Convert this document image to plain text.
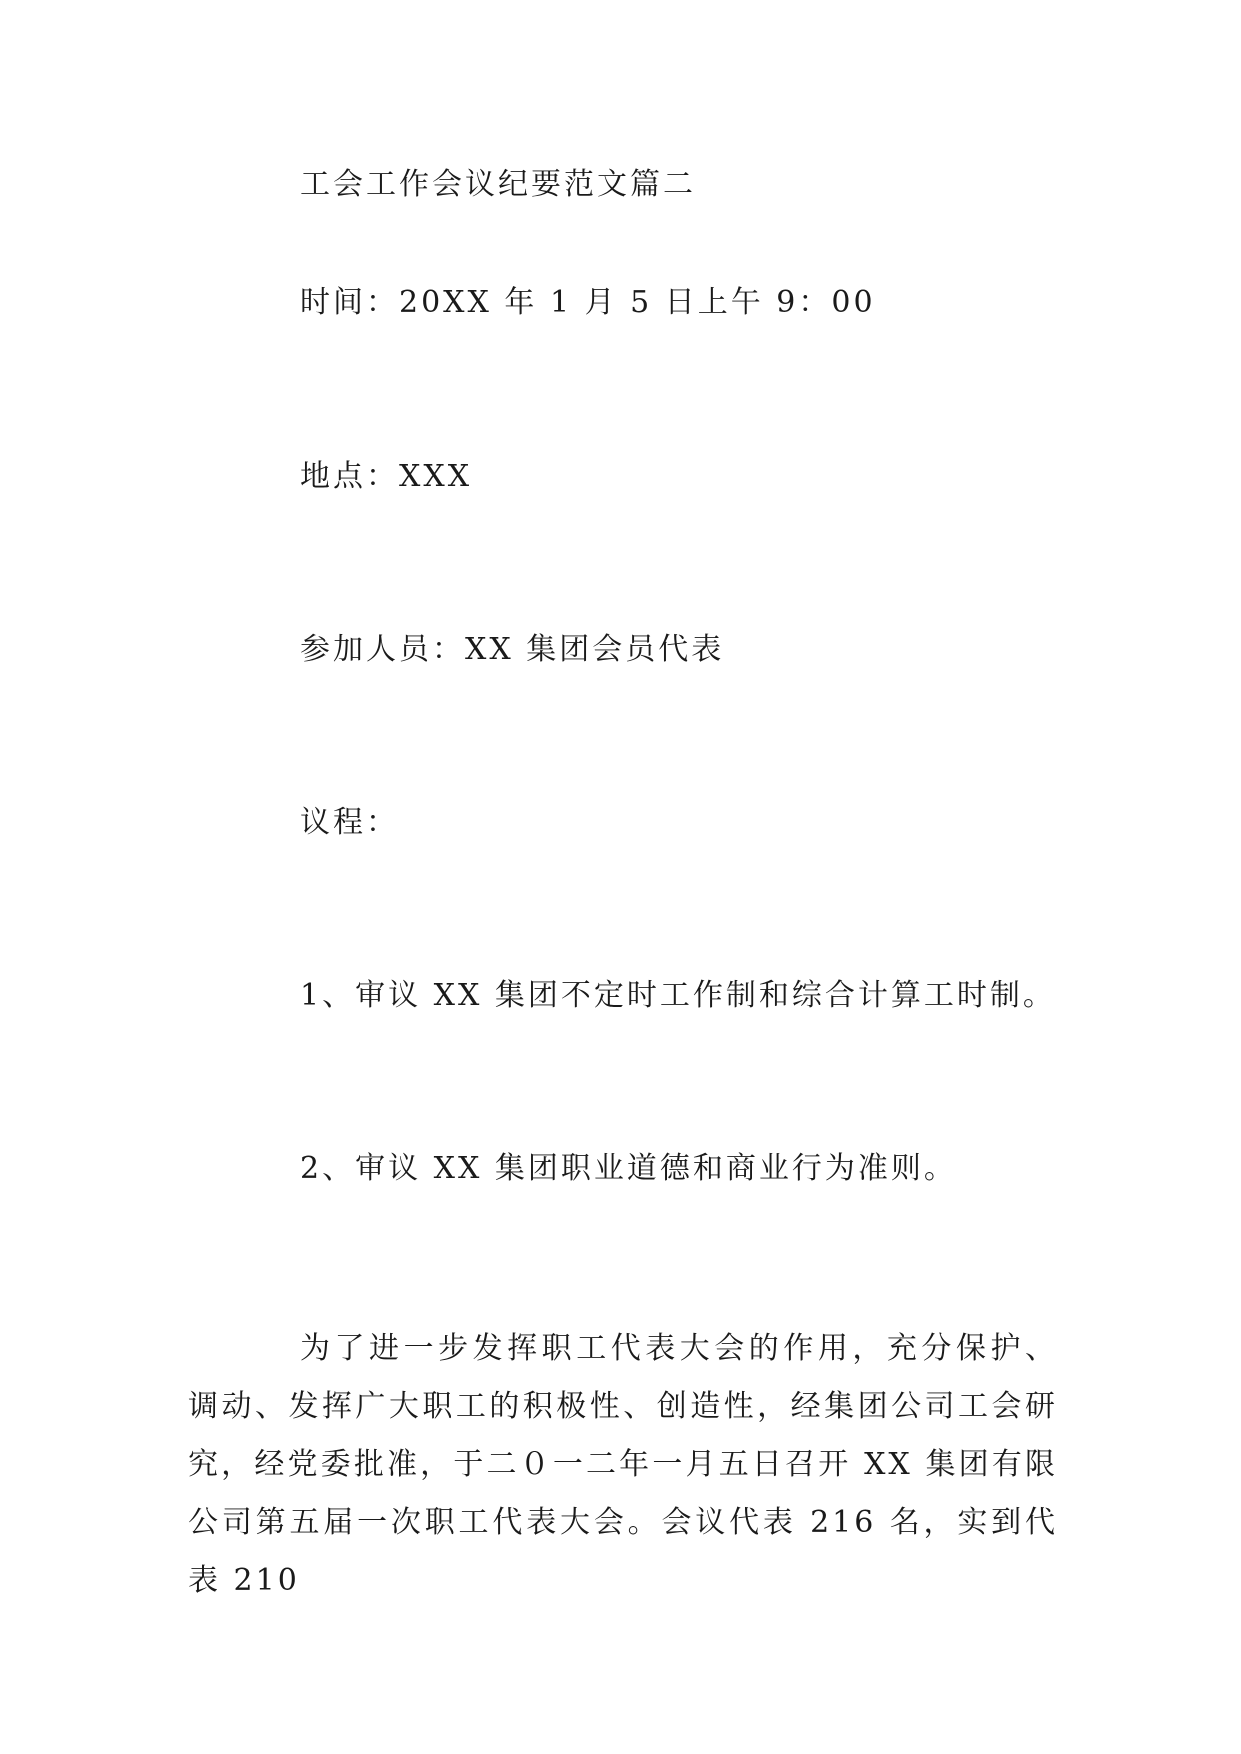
工会工作会议纪要范文篇二
时间：20XX 年 1 月 5 日上午 9：00
地点：XXX
参加人员：XX 集团会员代表
议程：
1、审议 XX 集团不定时工作制和综合计算工时制。
2、审议 XX 集团职业道德和商业行为准则。
为了进一步发挥职工代表大会的作用，充分保护、调动、发挥广大职工的积极性、创造性，经集团公司工会研究，经党委批准，于二０一二年一月五日召开 XX 集团有限公司第五届一次职工代表大会。会议代表 216 名，实到代表 210
